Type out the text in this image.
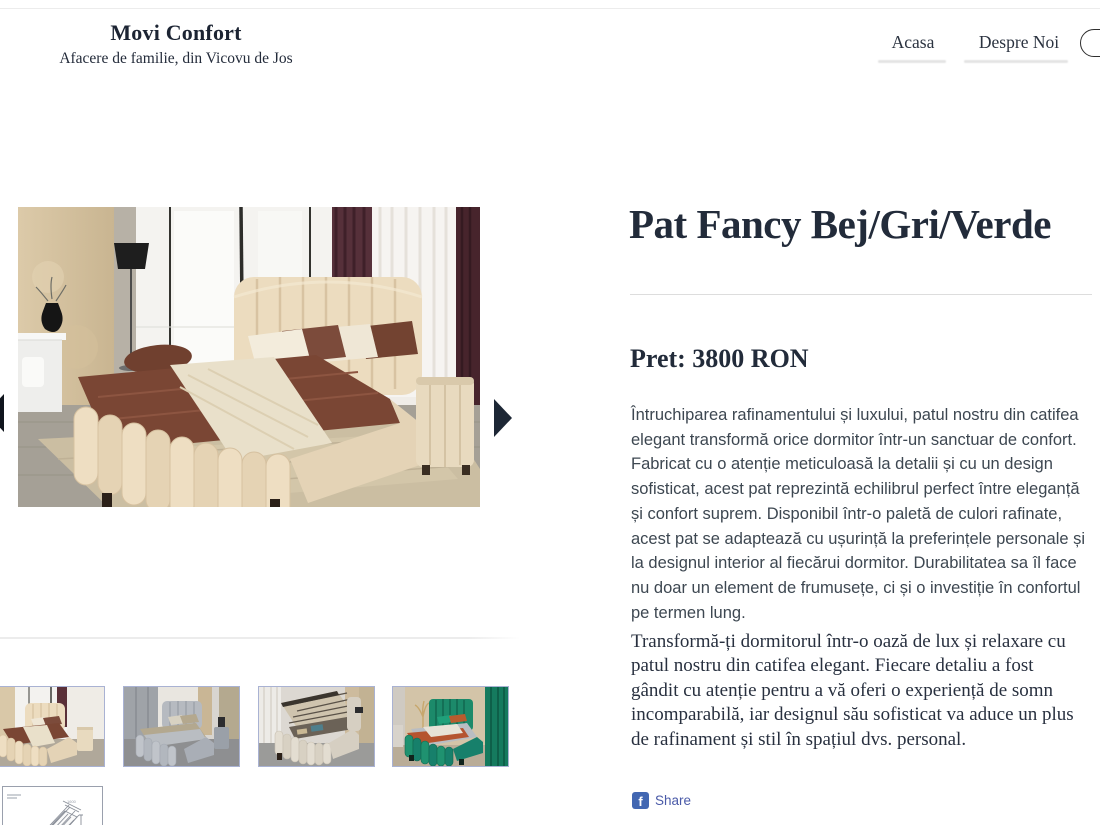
Movi Confort
Afacere de familie, din Vicovu de Jos
Acasa	Despre Noi
1600
Pat Fancy Bej/Gri/Verde
Pret: 3800 RON

Întruchiparea rafinamentului și luxului, patul nostru din catifea elegant transformă orice dormitor într-un sanctuar de confort. Fabricat cu o atenție meticuloasă la detalii și cu un design sofisticat, acest pat reprezintă echilibrul perfect între eleganță și confort suprem. Disponibil într-o paletă de culori rafinate, acest pat se adaptează cu ușurință la preferințele personale și la designul interior al fiecărui dormitor. Durabilitatea sa îl face nu doar un element de frumusețe, ci și o investiție în confortul pe termen lung.

Transformă-ți dormitorul într-o oază de lux și relaxare cu patul nostru din catifea elegant. Fiecare detaliu a fost gândit cu atenție pentru a vă oferi o experiență de somn incomparabilă, iar designul său sofisticat va aduce un plus de rafinament și stil în spațiul dvs. personal.

f Share
